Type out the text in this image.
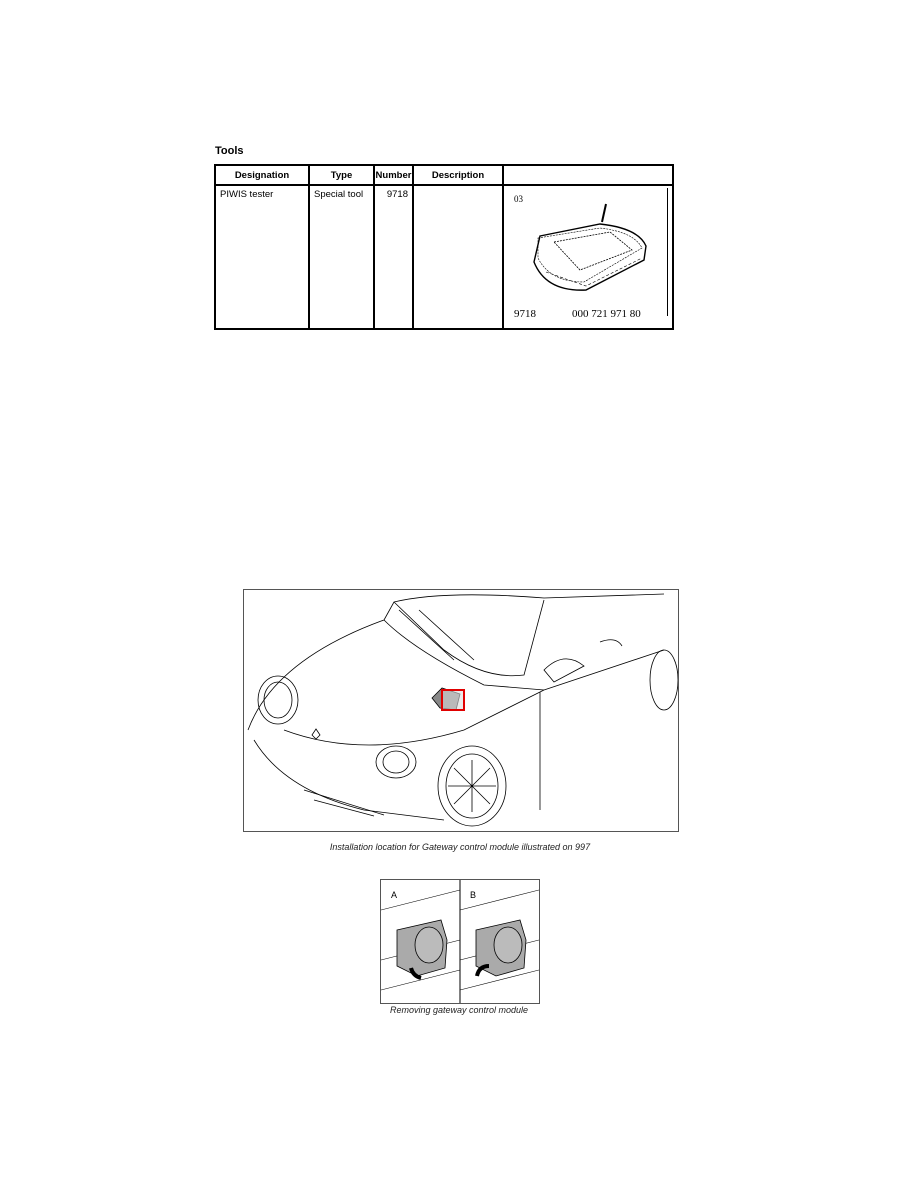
Tools
Designation	Type	Number	Description	
PIWIS tester	Special tool	9718		03
9718 000 721 971 80
Installation location for Gateway control module illustrated on 997
A	B
Removing gateway control module
